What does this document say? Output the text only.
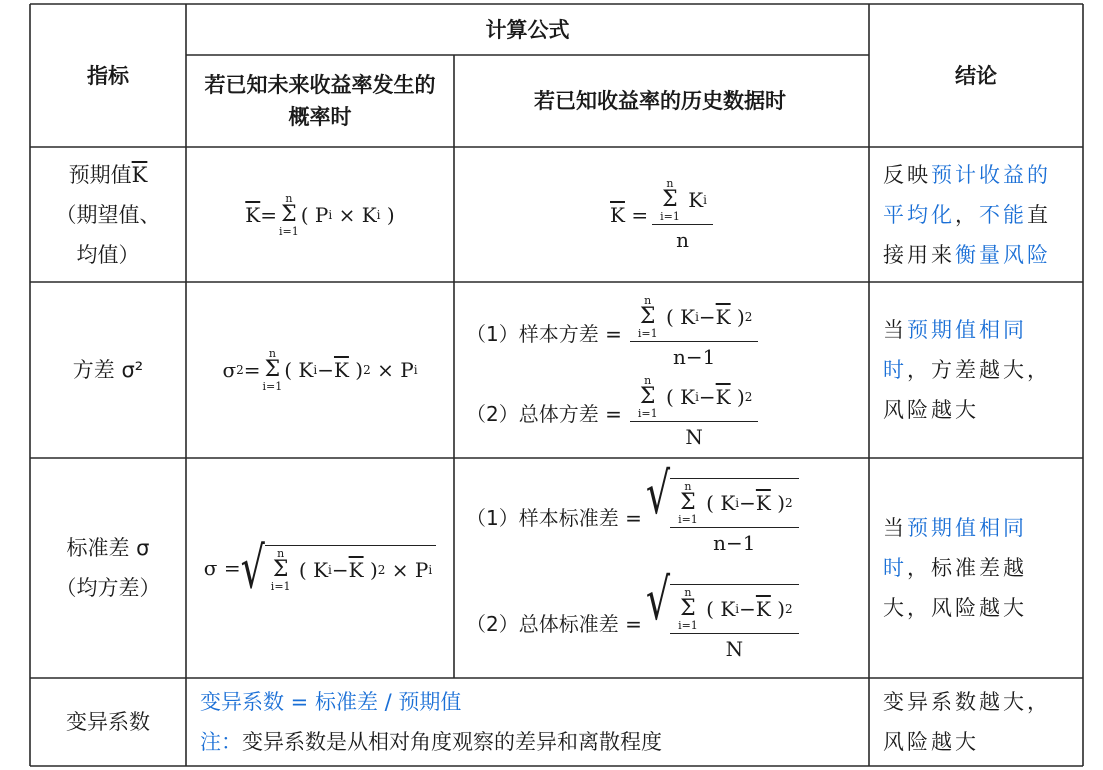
指标
计算公式
若已知未来收益率发生的概率时
若已知收益率的历史数据时
结论
预期值$\overline{K}$
（期望值、
均值）
$\overline{K}$ =
n
Σ
i=1
(
P i
×
K i
)	$\overline{K}$
= n
Σ
i=1

K i
n
反映预计收益的平均化，不能直接用来衡量风险
方差 σ²	σ 2 =
n
Σ
i=1
(
K $i - \overline{K}$
) 2
×
P i
（1）样本方差 = n
Σ
i=1

(
K $i - \overline{K}$
) 2
n−1
（2）总体方差 = n
Σ
i=1

(
K $i - \overline{K}$
) 2
N
当预期值相同时，方差越大，风险越大
标准差 σ
（均方差）
σ
= √ n
Σ
i=1

(
K $i - \overline{K}$
) 2
×
P i
（1）样本标准差 = √ n
Σ
i=1

(
K $i - \overline{K}$
) 2
n−1
（2）总体标准差 = √ n
Σ
i=1

(
K $i - \overline{K}$
) 2
N
当预期值相同时，标准差越大，风险越大
变异系数
变异系数 = 标准差 / 预期值
注：变异系数是从相对角度观察的差异和离散程度
变异系数越大，风险越大
